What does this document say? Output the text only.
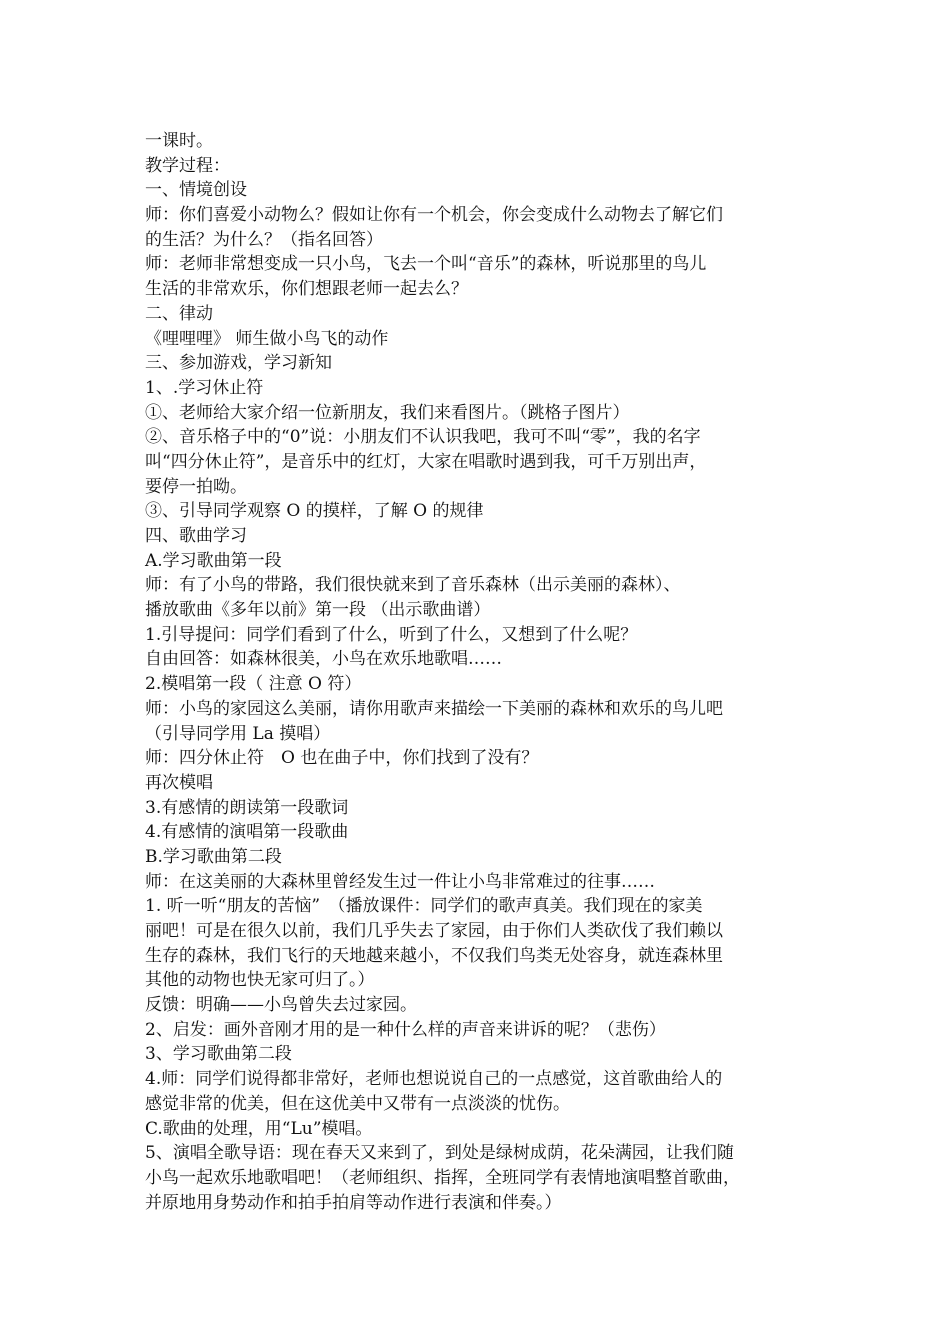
一课时。
教学过程：
一、情境创设
师：你们喜爱小动物么？假如让你有一个机会，你会变成什么动物去了解它们
的生活？为什么？（指名回答）
师：老师非常想变成一只小鸟，飞去一个叫“音乐”的森林，听说那里的鸟儿
生活的非常欢乐，你们想跟老师一起去么？
二、律动
《哩哩哩》 师生做小鸟飞的动作
三、参加游戏，学习新知
1、.学习休止符
①、老师给大家介绍一位新朋友，我们来看图片。（跳格子图片）
②、音乐格子中的“0”说：小朋友们不认识我吧，我可不叫“零”，我的名字
叫“四分休止符”，是音乐中的红灯，大家在唱歌时遇到我，可千万别出声，
要停一拍呦。
③、引导同学观察 O 的摸样，了解 O 的规律
四、歌曲学习
A.学习歌曲第一段
师：有了小鸟的带路，我们很快就来到了音乐森林（出示美丽的森林）、
播放歌曲《多年以前》第一段 （出示歌曲谱）
1.引导提问：同学们看到了什么，听到了什么，又想到了什么呢？
自由回答：如森林很美，小鸟在欢乐地歌唱……
2.模唱第一段（ 注意 O 符）
师：小鸟的家园这么美丽，请你用歌声来描绘一下美丽的森林和欢乐的鸟儿吧
（引导同学用 La 摸唱）
师：四分休止符　O 也在曲子中，你们找到了没有？
再次模唱
3.有感情的朗读第一段歌词
4.有感情的演唱第一段歌曲
B.学习歌曲第二段
师：在这美丽的大森林里曾经发生过一件让小鸟非常难过的往事……
1. 听一听“朋友的苦恼”　（播放课件：同学们的歌声真美。我们现在的家美
丽吧！可是在很久以前，我们几乎失去了家园，由于你们人类砍伐了我们赖以
生存的森林，我们飞行的天地越来越小，不仅我们鸟类无处容身，就连森林里
其他的动物也快无家可归了。）
反馈：明确——小鸟曾失去过家园。
2、启发：画外音刚才用的是一种什么样的声音来讲诉的呢？（悲伤）
3、学习歌曲第二段
4.师：同学们说得都非常好，老师也想说说自己的一点感觉，这首歌曲给人的
感觉非常的优美，但在这优美中又带有一点淡淡的忧伤。
C.歌曲的处理，用“Lu”模唱。
5、演唱全歌导语：现在春天又来到了，到处是绿树成荫，花朵满园，让我们随
小鸟一起欢乐地歌唱吧！（老师组织、指挥，全班同学有表情地演唱整首歌曲，
并原地用身势动作和拍手拍肩等动作进行表演和伴奏。）
